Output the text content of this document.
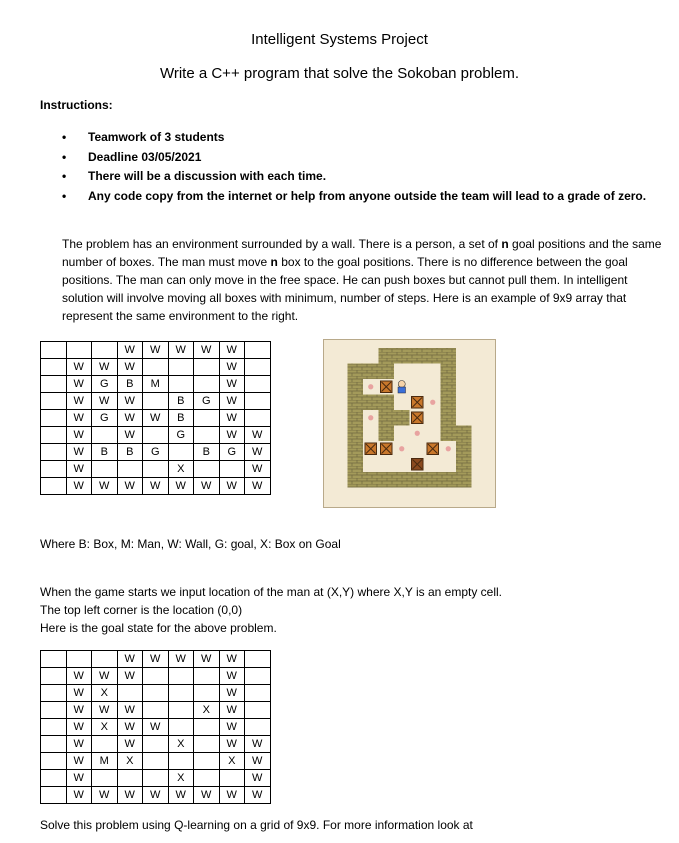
Intelligent Systems Project
Write a C++ program that solve the Sokoban problem.
Instructions:
• Teamwork of 3 students
• Deadline 03/05/2021
• There will be a discussion with each time.
• Any code copy from the internet or help from anyone outside the team will lead to a grade of zero.
The problem has an environment surrounded by a wall. There is a person, a set of n goal positions and the same number of boxes. The man must move n box to the goal positions. There is no difference between the goal positions. The man can only move in the free space. He can push boxes but cannot pull them. In intelligent solution will involve moving all boxes with minimum, number of steps. Here is an example of 9x9 array that represent the same environment to the right.
			W	W	W	W	W	
	W	W	W				W	
	W	G	B	M			W	
	W	W	W		B	G	W	
	W	G	W	W	B		W	
	W		W		G		W	W
	W	B	B	G		B	G	W
	W				X			W
	W	W	W	W	W	W	W	W
Where B: Box, M: Man, W: Wall, G: goal, X: Box on Goal
When the game starts we input location of the man at (X,Y) where X,Y is an empty cell.
The top left corner is the location (0,0)
Here is the goal state for the above problem.
			W	W	W	W	W	
	W	W	W				W	
	W	X					W	
	W	W	W			X	W	
	W	X	W	W			W	
	W		W		X		W	W
	W	M	X				X	W
	W				X			W
	W	W	W	W	W	W	W	W
Solve this problem using Q-learning on a grid of 9x9. For more information look at
